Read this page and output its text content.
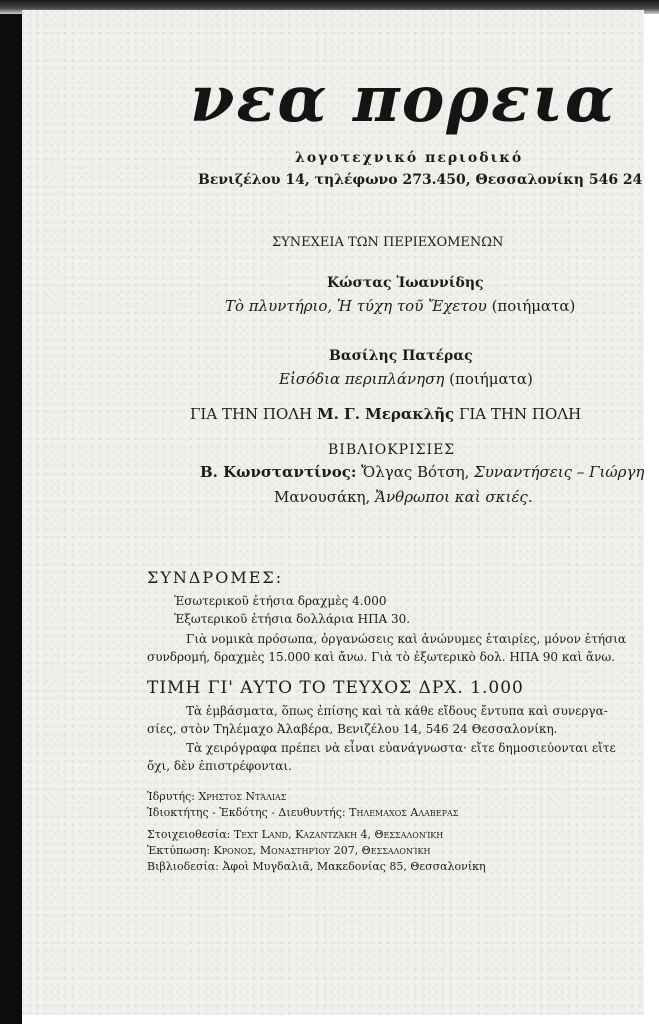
νεα πορεια
λογοτεχνικό περιοδικό
Βενιζέλου 14, τηλέφωνο 273.450, Θεσσαλονίκη 546 24
ΣΥΝΕΧΕΙΑ ΤΩΝ ΠΕΡΙΕΧΟΜΕΝΩΝ
Κώστας Ἰωαννίδης
Τὸ πλυντήριο, Ἡ τύχη τοῦ Ἔχετου (ποιήματα)
Βασίλης Πατέρας
Εἰσόδια περιπλάνηση (ποιήματα)
ΓΙΑ ΤΗΝ ΠΟΛΗ Μ. Γ. Μερακλῆς ΓΙΑ ΤΗΝ ΠΟΛΗ
ΒΙΒΛΙΟΚΡΙΣΙΕΣ
Β. Κωνσταντίνος: Ὄλγας Βότση, Συναντήσεις – Γιώργη
Μανουσάκη, Ἄνθρωποι καὶ σκιές.
ΣΥΝΔΡΟΜΕΣ:
Ἐσωτερικοῦ ἐτήσια δραχμὲς 4.000
Ἐξωτερικοῦ ἐτήσια δολλάρια ΗΠΑ 30.
Γιὰ νομικὰ πρόσωπα, ὀργανώσεις καὶ ἀνώνυμες ἑταιρίες, μόνον ἐτήσια
συνδρομή, δραχμὲς 15.000 καὶ ἄνω. Γιὰ τὸ ἐξωτερικὸ δολ. ΗΠΑ 90 καὶ ἄνω.
ΤΙΜΗ ΓΙ' ΑΥΤΟ ΤΟ ΤΕΥΧΟΣ ΔΡΧ. 1.000
Τὰ ἐμβάσματα, ὅπως ἐπίσης καὶ τὰ κάθε εἴδους ἔντυπα καὶ συνεργα-
σίες, στὸν Τηλέμαχο Ἀλαβέρα, Βενιζέλου 14, 546 24 Θεσσαλονίκη.
Τὰ χειρόγραφα πρέπει νὰ εἶναι εὐανάγνωστα· εἴτε δημοσιεύονται εἴτε
ὄχι, δὲν ἐπιστρέφονται.
Ἱδρυτής: Χρηστος Ντάλιας
Ἰδιοκτήτης - Ἐκδότης - Διευθυντής: Τηλεμαχος Αλαβερας
Στοιχειοθεσία: Text Land, Καζαντζάκη 4, Θεσσαλονίκη
Ἐκτύπωση: Κρονος, Μοναστηρίου 207, Θεσσαλονίκη
Βιβλιοδεσία: Ἀφοὶ Μυγδαλιᾶ, Μακεδονίας 85, Θεσσαλονίκη
